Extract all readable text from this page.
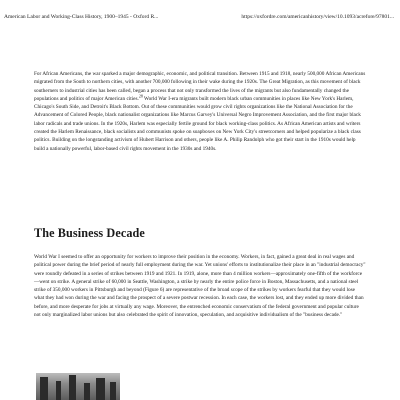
American Labor and Working-Class History, 1900–1945 - Oxford R...	https://oxfordre.com/americanhistory/view/10.1093/acrefore/97801...

For African Americans, the war sparked a major demographic, economic, and political transition. Between 1915 and 1918, nearly 500,000 African Americans migrated from the South to northern cities, with another 700,000 following in their wake during the 1920s. The Great Migration, as this movement of black southerners to industrial cities has been called, began a process that not only transformed the lives of the migrants but also fundamentally changed the populations and politics of major American cities.$^{28}$ World War I-era migrants built modern black urban communities in places like New York's Harlem, Chicago's South Side, and Detroit's Black Bottom. Out of these communities would grow civil rights organizations like the National Association for the Advancement of Colored People, black nationalist organizations like Marcus Garvey's Universal Negro Improvement Association, and the first major black labor radicals and trade unions. In the 1920s, Harlem was especially fertile ground for black working-class politics. As African American artists and writers created the Harlem Renaissance, black socialists and communists spoke on soapboxes on New York City's streetcorners and helped popularize a black class politics. Building on the longstanding activism of Hubert Harrison and others, people like A. Philip Randolph who got their start in the 1910s would help build a nationally powerful, labor-based civil rights movement in the 1930s and 1940s.

The Business Decade

World War I seemed to offer an opportunity for workers to improve their position in the economy. Workers, in fact, gained a great deal in real wages and political power during the brief period of nearly full employment during the war. Yet unions' efforts to institutionalize their place in an "industrial democracy" were roundly defeated in a series of strikes between 1919 and 1921. In 1919, alone, more than 4 million workers—approximately one-fifth of the workforce—went on strike. A general strike of 60,000 in Seattle, Washington, a strike by nearly the entire police force in Boston, Massachusetts, and a national steel strike of 350,000 workers in Pittsburgh and beyond (Figure 6) are representative of the broad scope of the strikes by workers fearful that they would lose what they had won during the war and facing the prospect of a severe postwar recession. In each case, the workers lost, and they ended up more divided than before, and more desperate for jobs at virtually any wage. Moreover, the entrenched economic conservatism of the federal government and popular culture not only marginalized labor unions but also celebrated the spirit of innovation, speculation, and acquisitive individualism of the "business decade."
